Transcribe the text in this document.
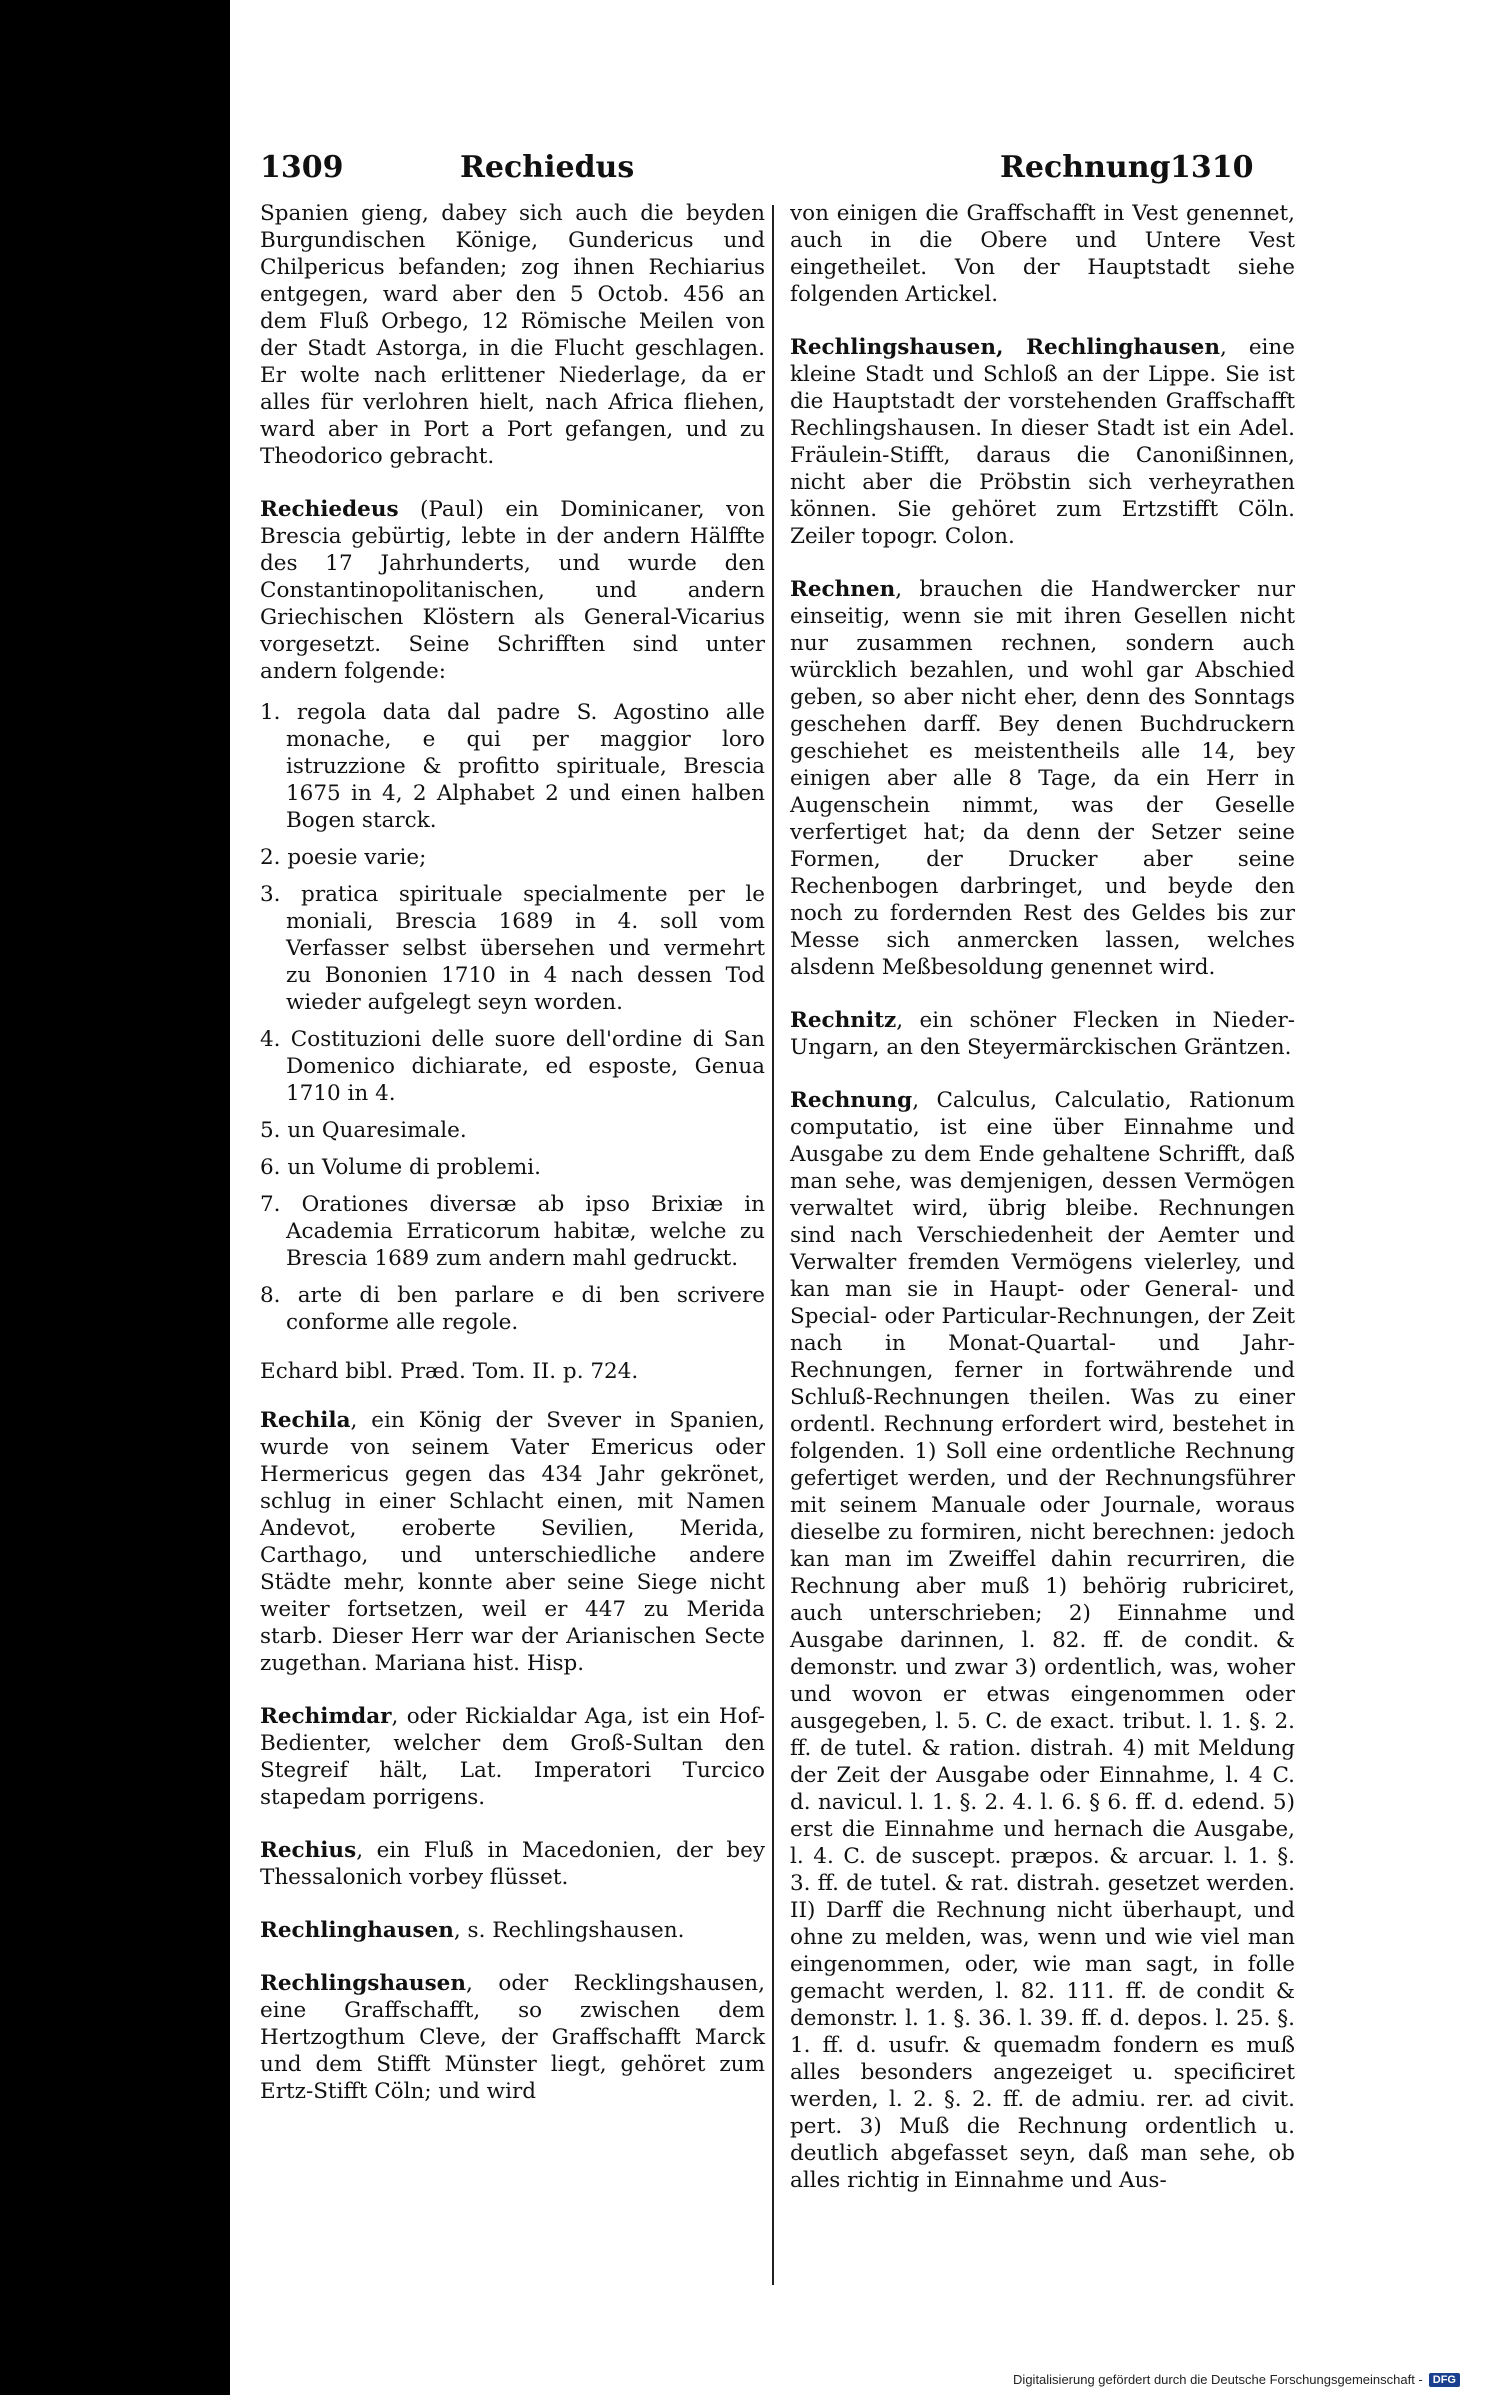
1309	Rechiedus	Rechnung 1310

Spanien gieng, dabey sich auch die beyden Burgundischen Könige, Gundericus und Chilpericus befanden; zog ihnen Rechiarius entgegen, ward aber den 5 Octob. 456 an dem Fluß Orbego, 12 Römische Meilen von der Stadt Astorga, in die Flucht geschlagen. Er wolte nach erlittener Niederlage, da er alles für verlohren hielt, nach Africa fliehen, ward aber in Port a Port gefangen, und zu Theodorico gebracht.

Rechiedeus (Paul) ein Dominicaner, von Brescia gebürtig, lebte in der andern Hälffte des 17 Jahrhunderts, und wurde den Constantinopolitanischen, und andern Griechischen Klöstern als General-Vicarius vorgesetzt. Seine Schrifften sind unter andern folgende:

1. regola data dal padre S. Agostino alle monache, e qui per maggior loro istruzzione & profitto spirituale, Brescia 1675 in 4, 2 Alphabet 2 und einen halben Bogen starck.
2. poesie varie;
3. pratica spirituale specialmente per le moniali, Brescia 1689 in 4. soll vom Verfasser selbst übersehen und vermehrt zu Bononien 1710 in 4 nach dessen Tod wieder aufgelegt seyn worden.
4. Costituzioni delle suore dell'ordine di San Domenico dichiarate, ed esposte, Genua 1710 in 4.
5. un Quaresimale.
6. un Volume di problemi.
7. Orationes diversæ ab ipso Brixiæ in Academia Erraticorum habitæ, welche zu Brescia 1689 zum andern mahl gedruckt.
8. arte di ben parlare e di ben scrivere conforme alle regole.

Echard bibl. Præd. Tom. II. p. 724.

Rechila, ein König der Svever in Spanien, wurde von seinem Vater Emericus oder Hermericus gegen das 434 Jahr gekrönet, schlug in einer Schlacht einen, mit Namen Andevot, eroberte Sevilien, Merida, Carthago, und unterschiedliche andere Städte mehr, konnte aber seine Siege nicht weiter fortsetzen, weil er 447 zu Merida starb. Dieser Herr war der Arianischen Secte zugethan. Mariana hist. Hisp.

Rechimdar, oder Rickialdar Aga, ist ein Hof-Bedienter, welcher dem Groß-Sultan den Stegreif hält, Lat. Imperatori Turcico stapedam porrigens.

Rechius, ein Fluß in Macedonien, der bey Thessalonich vorbey flüsset.

Rechlinghausen, s. Rechlingshausen.

Rechlingshausen, oder Recklingshausen, eine Graffschafft, so zwischen dem Hertzogthum Cleve, der Graffschafft Marck und dem Stifft Münster liegt, gehöret zum Ertz-Stifft Cöln; und wird

von einigen die Graffschafft in Vest genennet, auch in die Obere und Untere Vest eingetheilet. Von der Hauptstadt siehe folgenden Artickel.

Rechlingshausen, Rechlinghausen, eine kleine Stadt und Schloß an der Lippe. Sie ist die Hauptstadt der vorstehenden Graffschafft Rechlingshausen. In dieser Stadt ist ein Adel. Fräulein-Stifft, daraus die Canonißinnen, nicht aber die Pröbstin sich verheyrathen können. Sie gehöret zum Ertzstifft Cöln. Zeiler topogr. Colon.

Rechnen, brauchen die Handwercker nur einseitig, wenn sie mit ihren Gesellen nicht nur zusammen rechnen, sondern auch würcklich bezahlen, und wohl gar Abschied geben, so aber nicht eher, denn des Sonntags geschehen darff. Bey denen Buchdruckern geschiehet es meistentheils alle 14, bey einigen aber alle 8 Tage, da ein Herr in Augenschein nimmt, was der Geselle verfertiget hat; da denn der Setzer seine Formen, der Drucker aber seine Rechenbogen darbringet, und beyde den noch zu fordernden Rest des Geldes bis zur Messe sich anmercken lassen, welches alsdenn Meßbesoldung genennet wird.

Rechnitz, ein schöner Flecken in Nieder-Ungarn, an den Steyermärckischen Gräntzen.

Rechnung, Calculus, Calculatio, Rationum computatio, ist eine über Einnahme und Ausgabe zu dem Ende gehaltene Schrifft, daß man sehe, was demjenigen, dessen Vermögen verwaltet wird, übrig bleibe. Rechnungen sind nach Verschiedenheit der Aemter und Verwalter fremden Vermögens vielerley, und kan man sie in Haupt- oder General- und Special- oder Particular-Rechnungen, der Zeit nach in Monat-Quartal- und Jahr-Rechnungen, ferner in fortwährende und Schluß-Rechnungen theilen. Was zu einer ordentl. Rechnung erfordert wird, bestehet in folgenden. 1) Soll eine ordentliche Rechnung gefertiget werden, und der Rechnungsführer mit seinem Manuale oder Journale, woraus dieselbe zu formiren, nicht berechnen: jedoch kan man im Zweiffel dahin recurriren, die Rechnung aber muß 1) behörig rubriciret, auch unterschrieben; 2) Einnahme und Ausgabe darinnen, l. 82. ff. de condit. & demonstr. und zwar 3) ordentlich, was, woher und wovon er etwas eingenommen oder ausgegeben, l. 5. C. de exact. tribut. l. 1. §. 2. ff. de tutel. & ration. distrah. 4) mit Meldung der Zeit der Ausgabe oder Einnahme, l. 4 C. d. navicul. l. 1. §. 2. 4. l. 6. § 6. ff. d. edend. 5) erst die Einnahme und hernach die Ausgabe, l. 4. C. de suscept. præpos. & arcuar. l. 1. §. 3. ff. de tutel. & rat. distrah. gesetzet werden. II) Darff die Rechnung nicht überhaupt, und ohne zu melden, was, wenn und wie viel man eingenommen, oder, wie man sagt, in folle gemacht werden, l. 82. 111. ff. de condit & demonstr. l. 1. §. 36. l. 39. ff. d. depos. l. 25. §. 1. ff. d. usufr. & quemadm fondern es muß alles besonders angezeiget u. specificiret werden, l. 2. §. 2. ff. de admiu. rer. ad civit. pert. 3) Muß die Rechnung ordentlich u. deutlich abgefasset seyn, daß man sehe, ob alles richtig in Einnahme und Aus-

Digitalisierung gefördert durch die Deutsche Forschungsgemeinschaft - DFG
